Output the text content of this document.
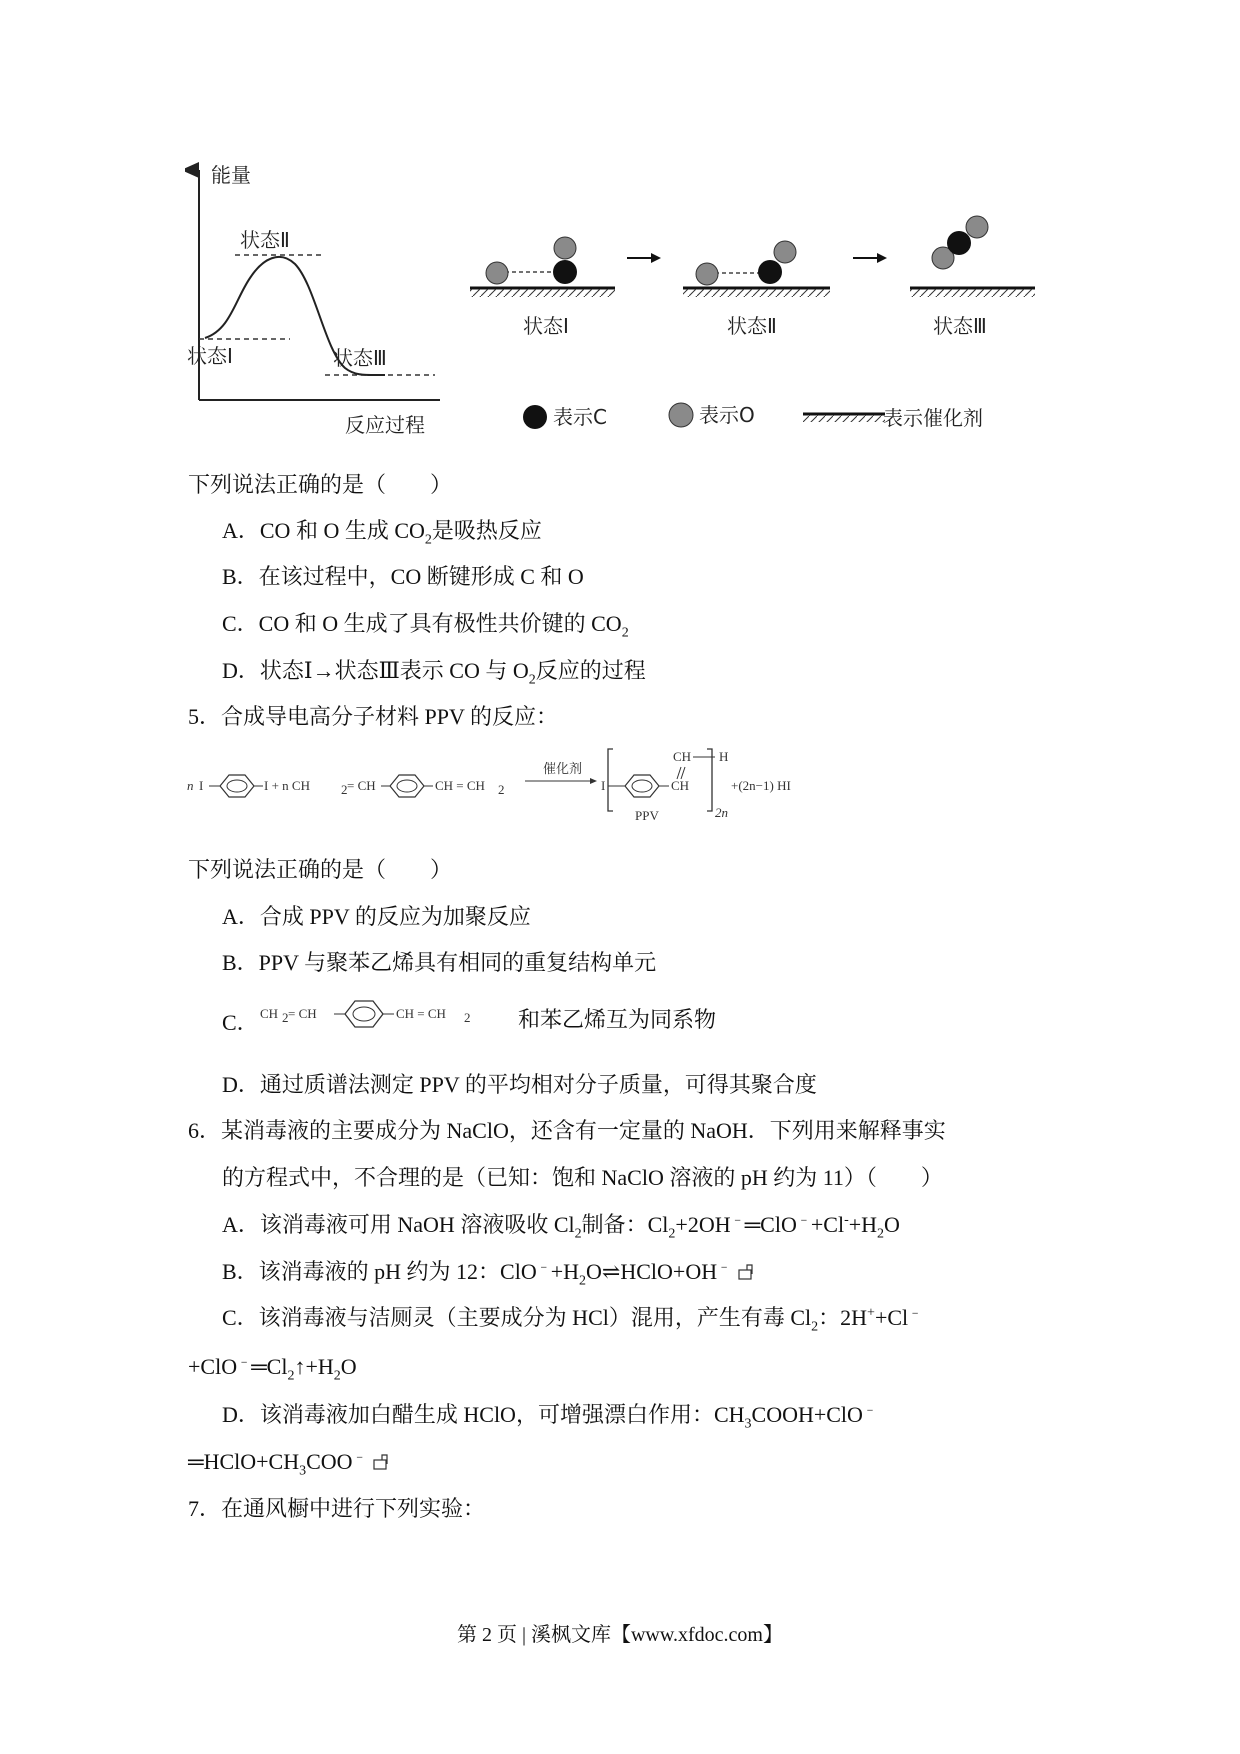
能量
反应过程
状态Ⅱ
状态Ⅰ	状态Ⅲ
状态Ⅰ	状态Ⅱ	状态Ⅲ
表示C	表示O	表示催化剂
下列说法正确的是（　　）
A．CO 和 O 生成 $CO_2$是吸热反应
B．在该过程中，CO 断键形成 C 和 O
C．CO 和 O 生成了具有极性共价键的 $CO_2$
D．状态Ⅰ→状态Ⅲ表示 CO 与 $O_2$反应的过程
5．合成导电高分子材料 PPV 的反应：
n I	I + n CH 2 = CH	CH = CH 2
催化剂
I	CH
CH H
2n
+(2n−1) HI
PPV
下列说法正确的是（　　）
A．合成 PPV 的反应为加聚反应
B．PPV 与聚苯乙烯具有相同的重复结构单元
C． CH 2 = CH	CH = CH 2 和苯乙烯互为同系物
D．通过质谱法测定 PPV 的平均相对分子质量，可得其聚合度
6．某消毒液的主要成分为 NaClO，还含有一定量的 NaOH．下列用来解释事实
的方程式中，不合理的是（已知：饱和 NaClO 溶液的 pH 约为 11）（　　）
A．该消毒液可用 NaOH 溶液吸收 $Cl_2$制备：$Cl_2+2OH^﹣═ClO^﹣+Cl^-+H_2O$
B．该消毒液的 pH 约为 12：$ClO^﹣+H_2O\rightleftharpoons HClO+OH^﹣$
C．该消毒液与洁厕灵（主要成分为 HCl）混用，产生有毒 $Cl_2$：2H++Cl﹣
$+ClO^﹣═Cl_2↑+H_2O$
D．该消毒液加白醋生成 HClO，可增强漂白作用：$CH_3COOH+ClO^﹣$
$═HClO+CH_3COO^﹣$
7．在通风橱中进行下列实验：
第 2 页 | 溪枫文库【www.xfdoc.com】
